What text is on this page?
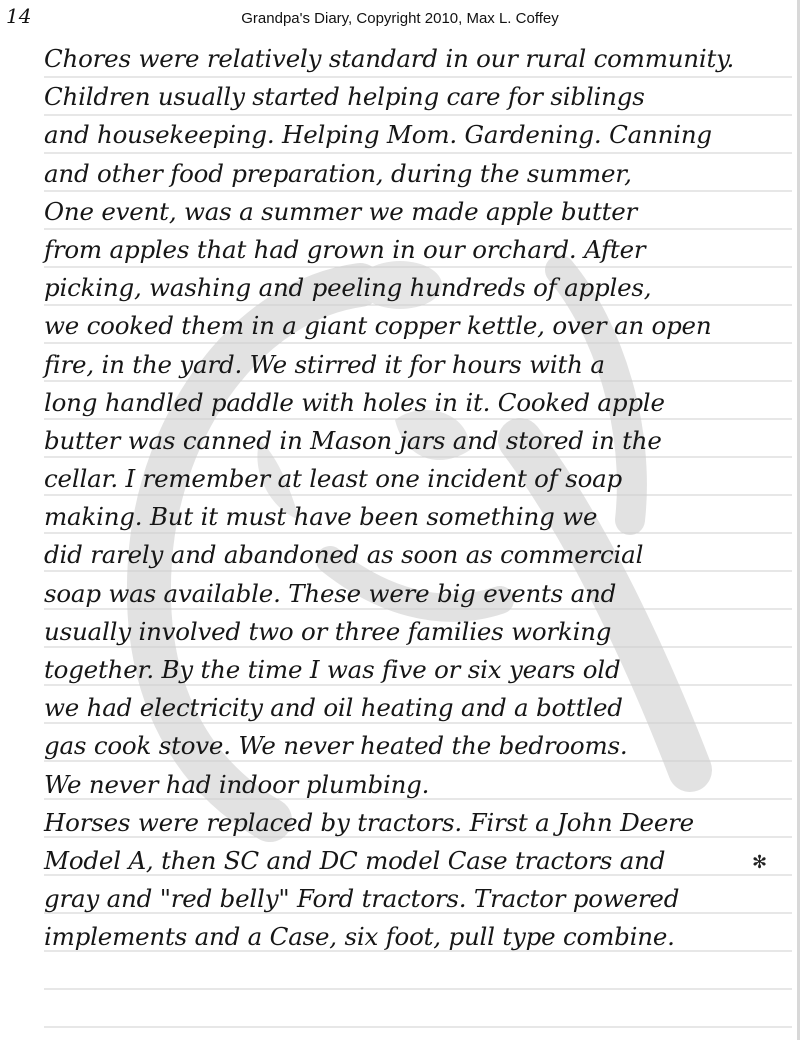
14	Grandpa's Diary, Copyright 2010, Max L. Coffey
Chores were relatively standard in our rural community.
Children usually started helping care for siblings
and housekeeping. Helping Mom. Gardening. Canning
and other food preparation, during the summer,
One event, was a summer we made apple butter
from apples that had grown in our orchard. After
picking, washing and peeling hundreds of apples,
we cooked them in a giant copper kettle, over an open
fire, in the yard. We stirred it for hours with a
long handled paddle with holes in it. Cooked apple
butter was canned in Mason jars and stored in the
cellar. I remember at least one incident of soap
making. But it must have been something we
did rarely and abandoned as soon as commercial
soap was available. These were big events and
usually involved two or three families working
together. By the time I was five or six years old
we had electricity and oil heating and a bottled
gas cook stove. We never heated the bedrooms.
We never had indoor plumbing.
Horses were replaced by tractors. First a John Deere
Model A, then SC and DC model Case tractors and
gray and "red belly" Ford tractors. Tractor powered
implements and a Case, six foot, pull type combine.
✻
